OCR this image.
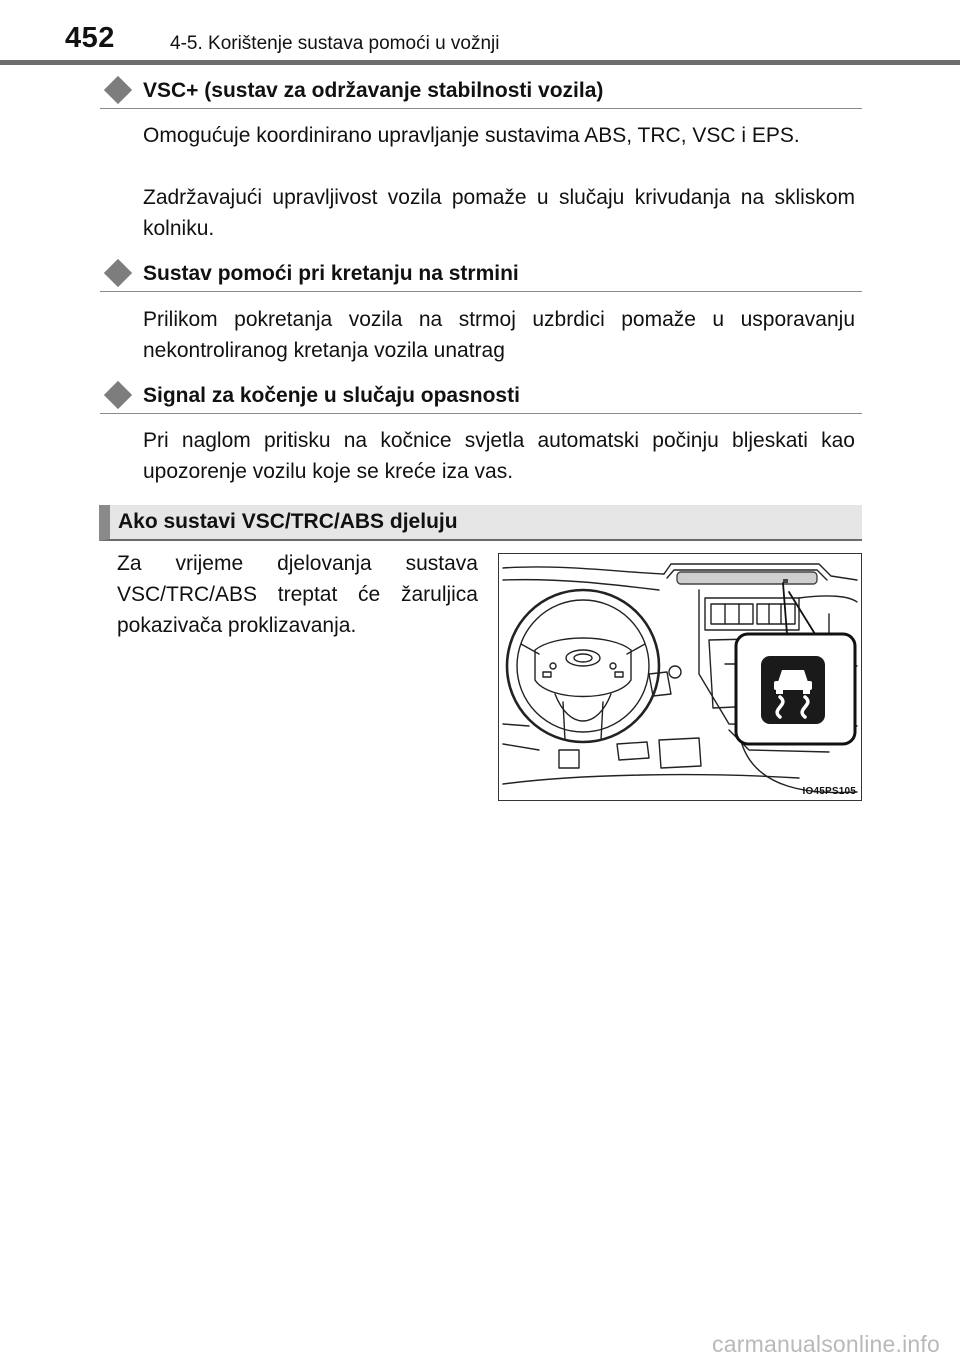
452	4-5. Korištenje sustava pomoći u vožnji
VSC+ (sustav za održavanje stabilnosti vozila)
Omogućuje koordinirano upravljanje sustavima ABS, TRC, VSC i EPS.
Zadržavajući upravljivost vozila pomaže u slučaju krivudanja na skliskom kolniku.
Sustav pomoći pri kretanju na strmini
Prilikom pokretanja vozila na strmoj uzbrdici pomaže u usporavanju nekontroliranog kretanja vozila unatrag
Signal za kočenje u slučaju opasnosti
Pri naglom pritisku na kočnice svjetla automatski počinju bljeskati kao upozorenje vozilu koje se kreće iza vas.
Ako sustavi VSC/TRC/ABS djeluju
Za vrijeme djelovanja sustava VSC/TRC/ABS treptat će žaruljica pokazivača proklizavanja.
IO45PS105
carmanualsonline.info
